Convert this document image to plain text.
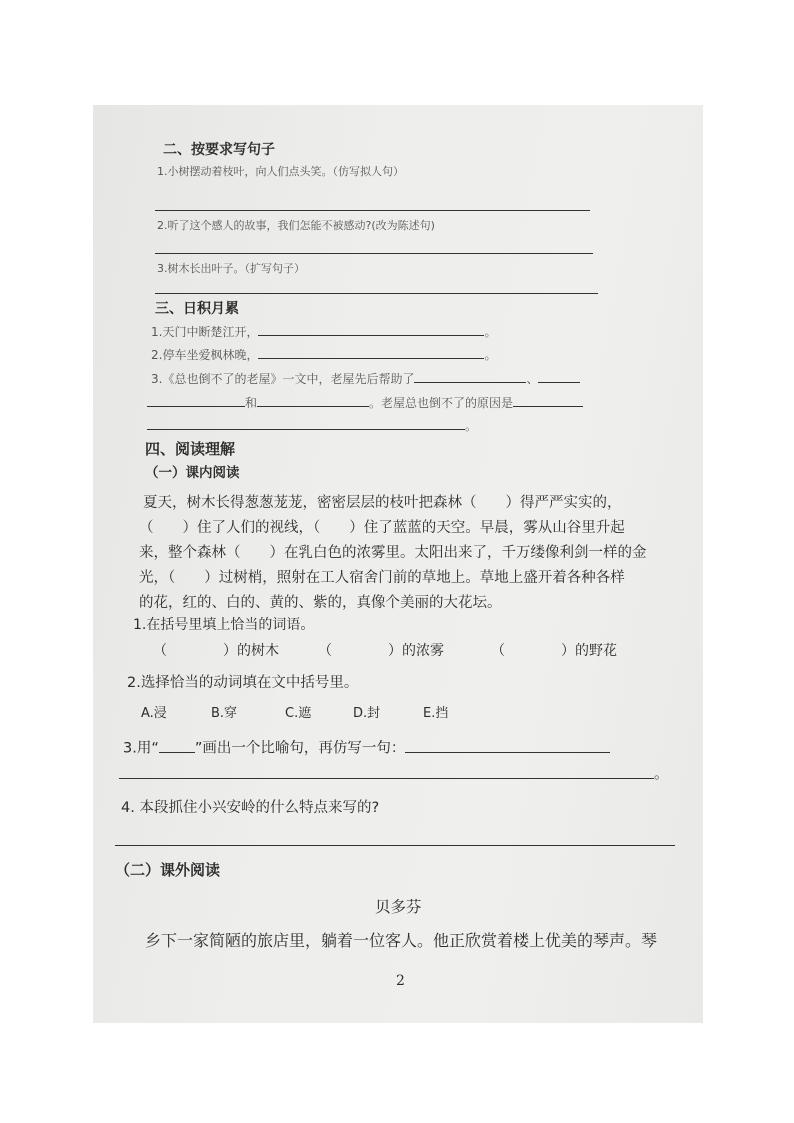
二、按要求写句子
1.小树摆动着枝叶，向人们点头笑。（仿写拟人句）
2.听了这个感人的故事，我们怎能不被感动?(改为陈述句)
3.树木长出叶子。（扩写句子）
三、日积月累
1.天门中断楚江开，	。
2.停车坐爱枫林晚，	。
3.《总也倒不了的老屋》一文中，老屋先后帮助了	、
和	。老屋总也倒不了的原因是
。
四、阅读理解
（一）课内阅读
夏天，树木长得葱葱茏茏，密密层层的枝叶把森林（　　）得严严实实的，
（　　）住了人们的视线，（　　）住了蓝蓝的天空。早晨，雾从山谷里升起
来，整个森林（　　）在乳白色的浓雾里。太阳出来了，千万缕像利剑一样的金
光，（　　）过树梢，照射在工人宿舍门前的草地上。草地上盛开着各种各样
的花，红的、白的、黄的、紫的，真像个美丽的大花坛。
1.在括号里填上恰当的词语。
（　　　　）的树木	（　　　　）的浓雾	（　　　　）的野花
2.选择恰当的动词填在文中括号里。
A.浸	B.穿	C.遮	D.封	E.挡
3.用“ ”画出一个比喻句，再仿写一句：
。
4. 本段抓住小兴安岭的什么特点来写的?
（二）课外阅读
贝多芬
乡下一家简陋的旅店里，躺着一位客人。他正欣赏着楼上优美的琴声。琴
2
